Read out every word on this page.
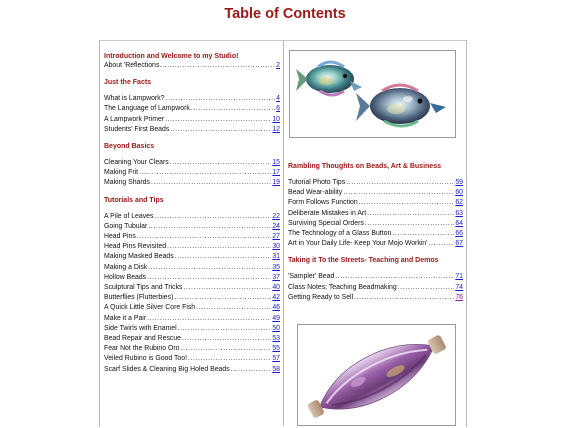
Table of Contents
Introduction and Welcome to my Studio!
About 'Reflections. .....	2
Just the Facts
What is Lampwork? .....	4
The Language of Lampwork .....	6
A Lampwork Primer .....	10
Students' First Beads .....	12
Beyond Basics
Cleaning Your Clears .....	15
Making Frit .....	17
Making Shards .....	19
Tutorials and Tips
A Pile of Leaves .....	22
Going Tubular .....	24
Head Pins .....	27
Head Pins Revisited .....	30
Making Masked Beads .....	31
Making a Disk .....	35
Hollow Beads .....	37
Sculptural Tips and Tricks .....	40
Butterflies (Flutterbies) .....	42
A Quick Little Silver Core Fish .....	46
Make it a Pair .....	49
Side Twirls with Enamel .....	50
Bead Repair and Rescue .....	53
Fear Not the Rubino Oro .....	55
Veiled Rubino is Good Too! .....	57
Scarf Slides & Cleaning Big Holed Beads .....	58
Rambling Thoughts on Beads, Art & Business
Tutorial Photo Tips .....	59
Bead Wear-ability .....	60
Form Follows Function .....	62
Deliberate Mistakes in Art .....	63
Surviving Special Orders .....	64
The Technology of a Glass Button .....	66
Art in Your Daily Life- Keep Your Mojo Workin' .....	67
Taking it To the Streets- Teaching and Demos
'Sampler' Bead .....	71
Class Notes; Teaching Beadmaking .....	74
Getting Ready to Sell .....	76
